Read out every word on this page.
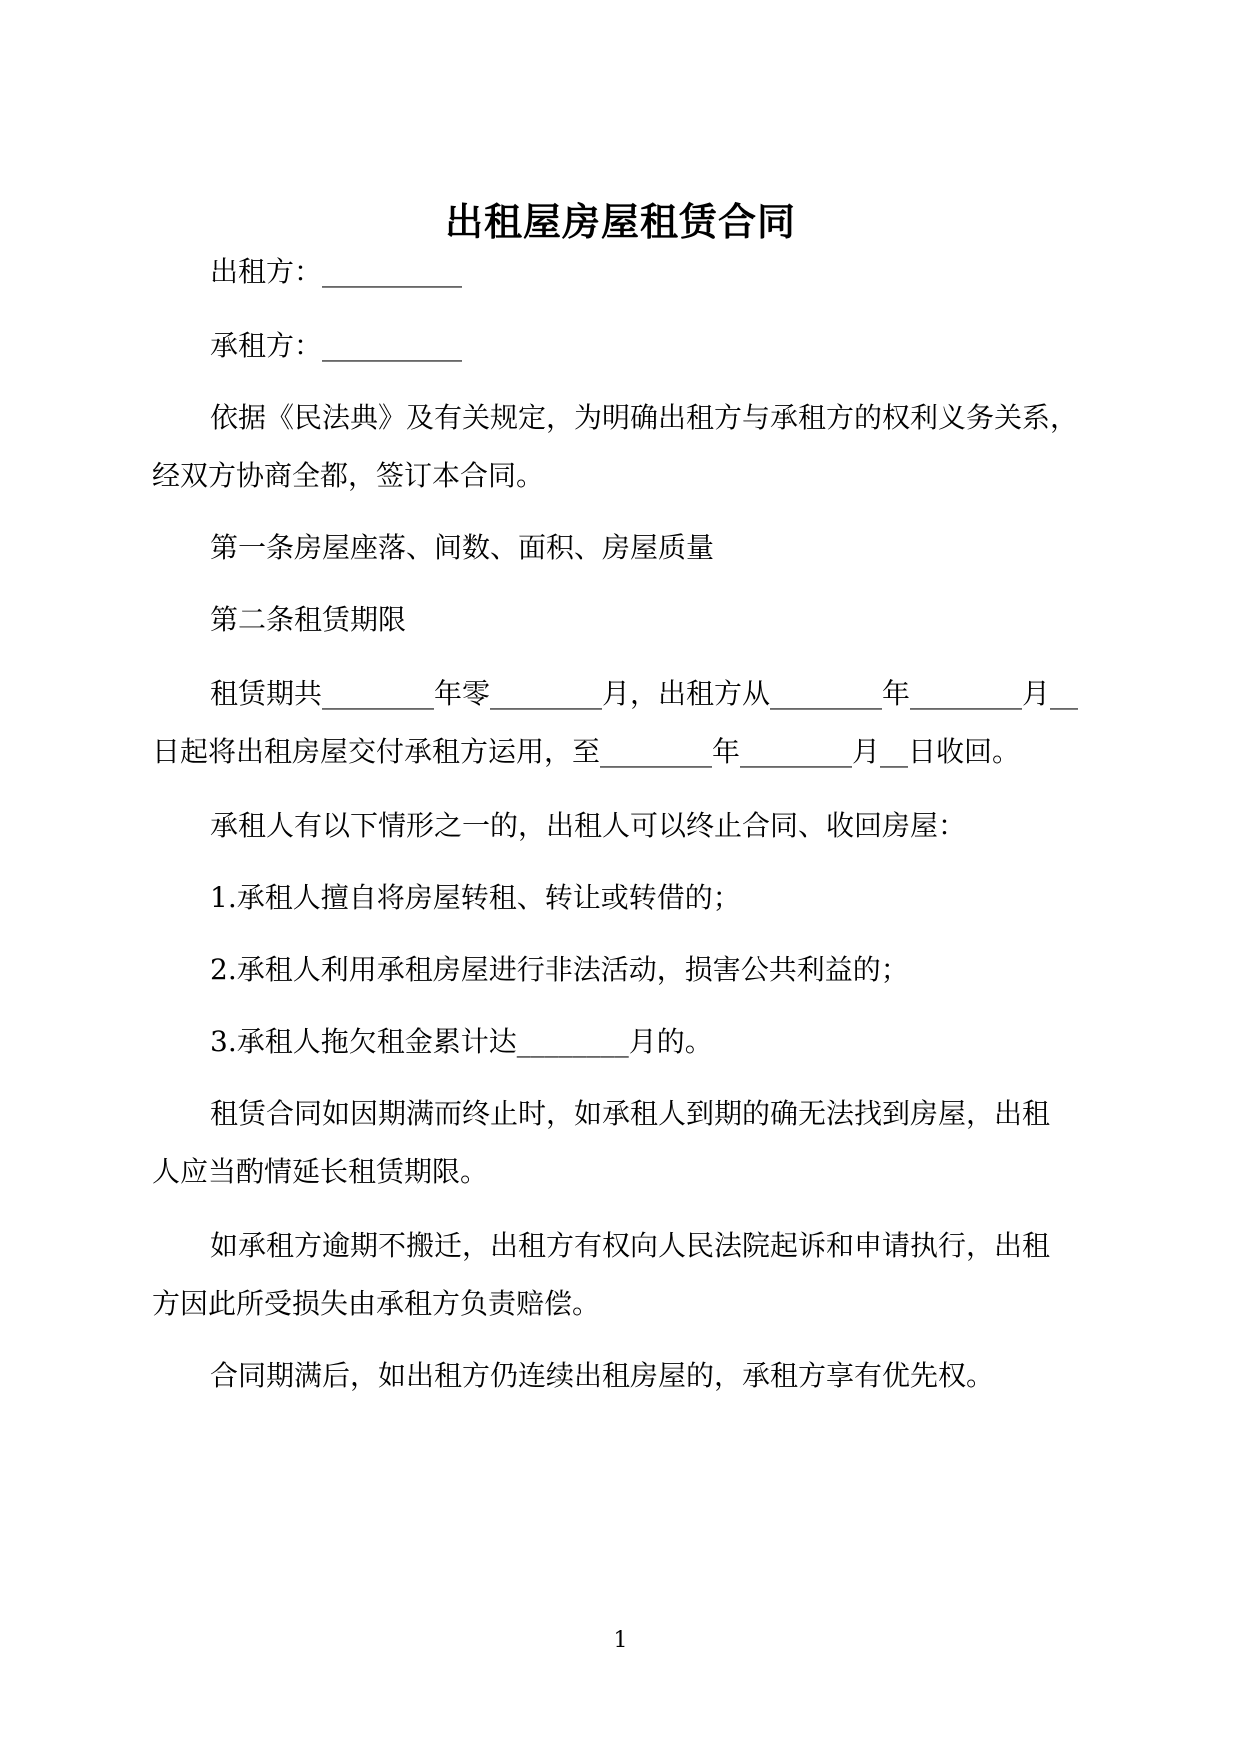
出租屋房屋租赁合同
出租方：__________
承租方：__________
依据《民法典》及有关规定，为明确出租方与承租方的权利义务关系，
经双方协商全都，签订本合同。
第一条房屋座落、间数、面积、房屋质量
第二条租赁期限
租赁期共________年零________月，出租方从________年________月__
日起将出租房屋交付承租方运用，至________年________月__日收回。
承租人有以下情形之一的，出租人可以终止合同、收回房屋：
1.承租人擅自将房屋转租、转让或转借的；
2.承租人利用承租房屋进行非法活动，损害公共利益的；
3.承租人拖欠租金累计达________月的。
租赁合同如因期满而终止时，如承租人到期的确无法找到房屋，出租
人应当酌情延长租赁期限。
如承租方逾期不搬迁，出租方有权向人民法院起诉和申请执行，出租
方因此所受损失由承租方负责赔偿。
合同期满后，如出租方仍连续出租房屋的，承租方享有优先权。
1
